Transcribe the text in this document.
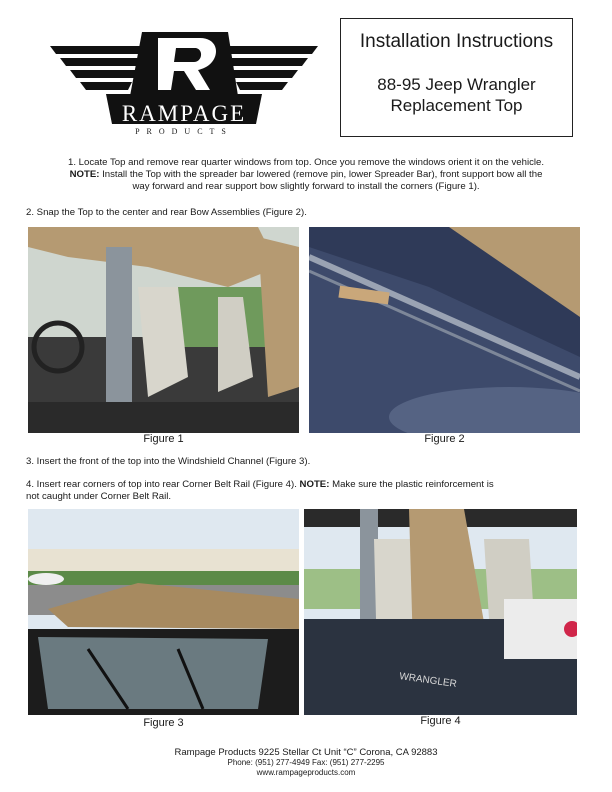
RAMPAGE
PRODUCTS
Installation Instructions
88-95 Jeep Wrangler
Replacement Top
1. Locate Top and remove rear quarter windows from top. Once you remove the windows orient it on the vehicle.
NOTE: Install the Top with the spreader bar lowered (remove pin, lower Spreader Bar), front support bow all the
way forward and rear support bow slightly forward to install the corners (Figure 1).
2. Snap the Top to the center and rear Bow Assemblies (Figure 2).
Figure 1	Figure 2
3. Insert the front of the top into the Windshield Channel (Figure 3).
4. Insert rear corners of top into rear Corner Belt Rail (Figure 4). NOTE: Make sure the plastic reinforcement is
not caught under Corner Belt Rail.
Figure 3
WRANGLER
Figure 4
Rampage Products 9225 Stellar Ct Unit “C” Corona, CA 92883
Phone: (951) 277-4949 Fax: (951) 277-2295
www.rampageproducts.com
